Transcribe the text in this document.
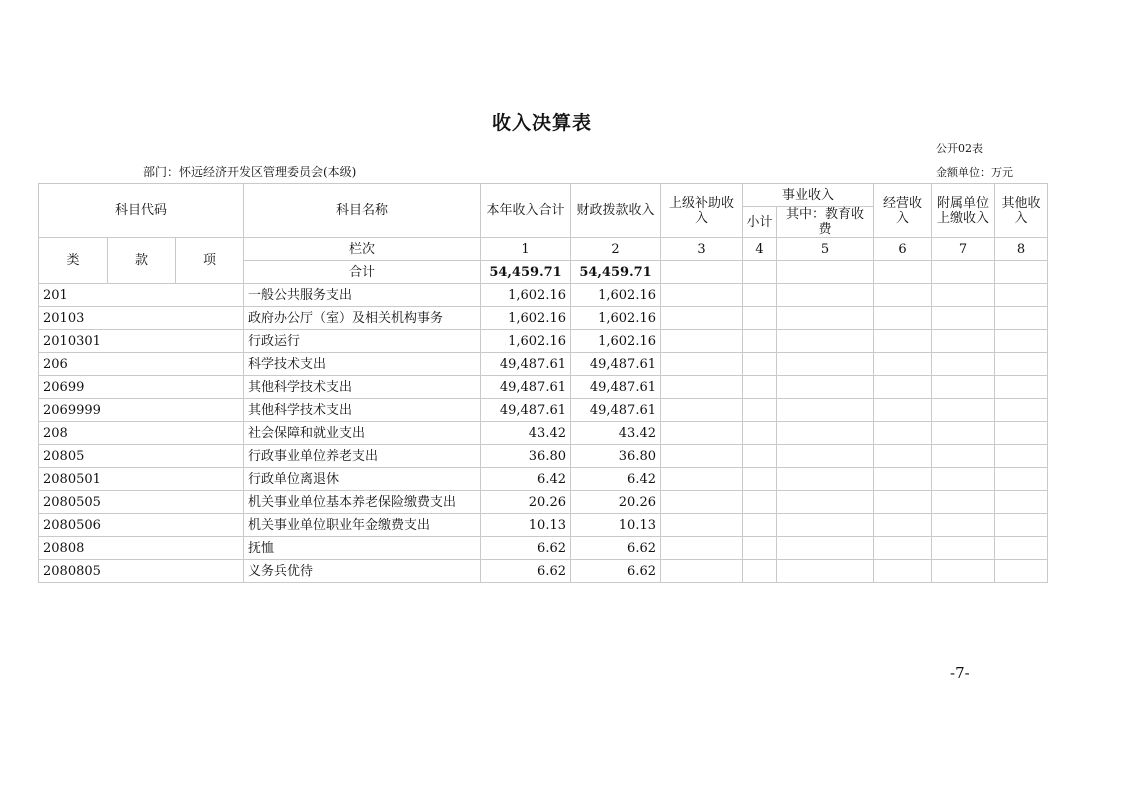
收入决算表
公开02表
部门：怀远经济开发区管理委员会(本级)	金额单位：万元
科目代码			科目名称	本年收入合计	财政拨款收入	上级补助收入	事业收入		经营收入	附属单位上缴收入	其他收入
							小计	其中：教育收费			
类	款	项	栏次	1	2	3	4	5	6	7	8
			合计	54,459.71	54,459.71						
201			一般公共服务支出	1,602.16	1,602.16						
20103			政府办公厅（室）及相关机构事务	1,602.16	1,602.16						
2010301			行政运行	1,602.16	1,602.16						
206			科学技术支出	49,487.61	49,487.61						
20699			其他科学技术支出	49,487.61	49,487.61						
2069999			其他科学技术支出	49,487.61	49,487.61						
208			社会保障和就业支出	43.42	43.42						
20805			行政事业单位养老支出	36.80	36.80						
2080501			行政单位离退休	6.42	6.42						
2080505			机关事业单位基本养老保险缴费支出	20.26	20.26						
2080506			机关事业单位职业年金缴费支出	10.13	10.13						
20808			抚恤	6.62	6.62						
2080805			义务兵优待	6.62	6.62						
-7-
